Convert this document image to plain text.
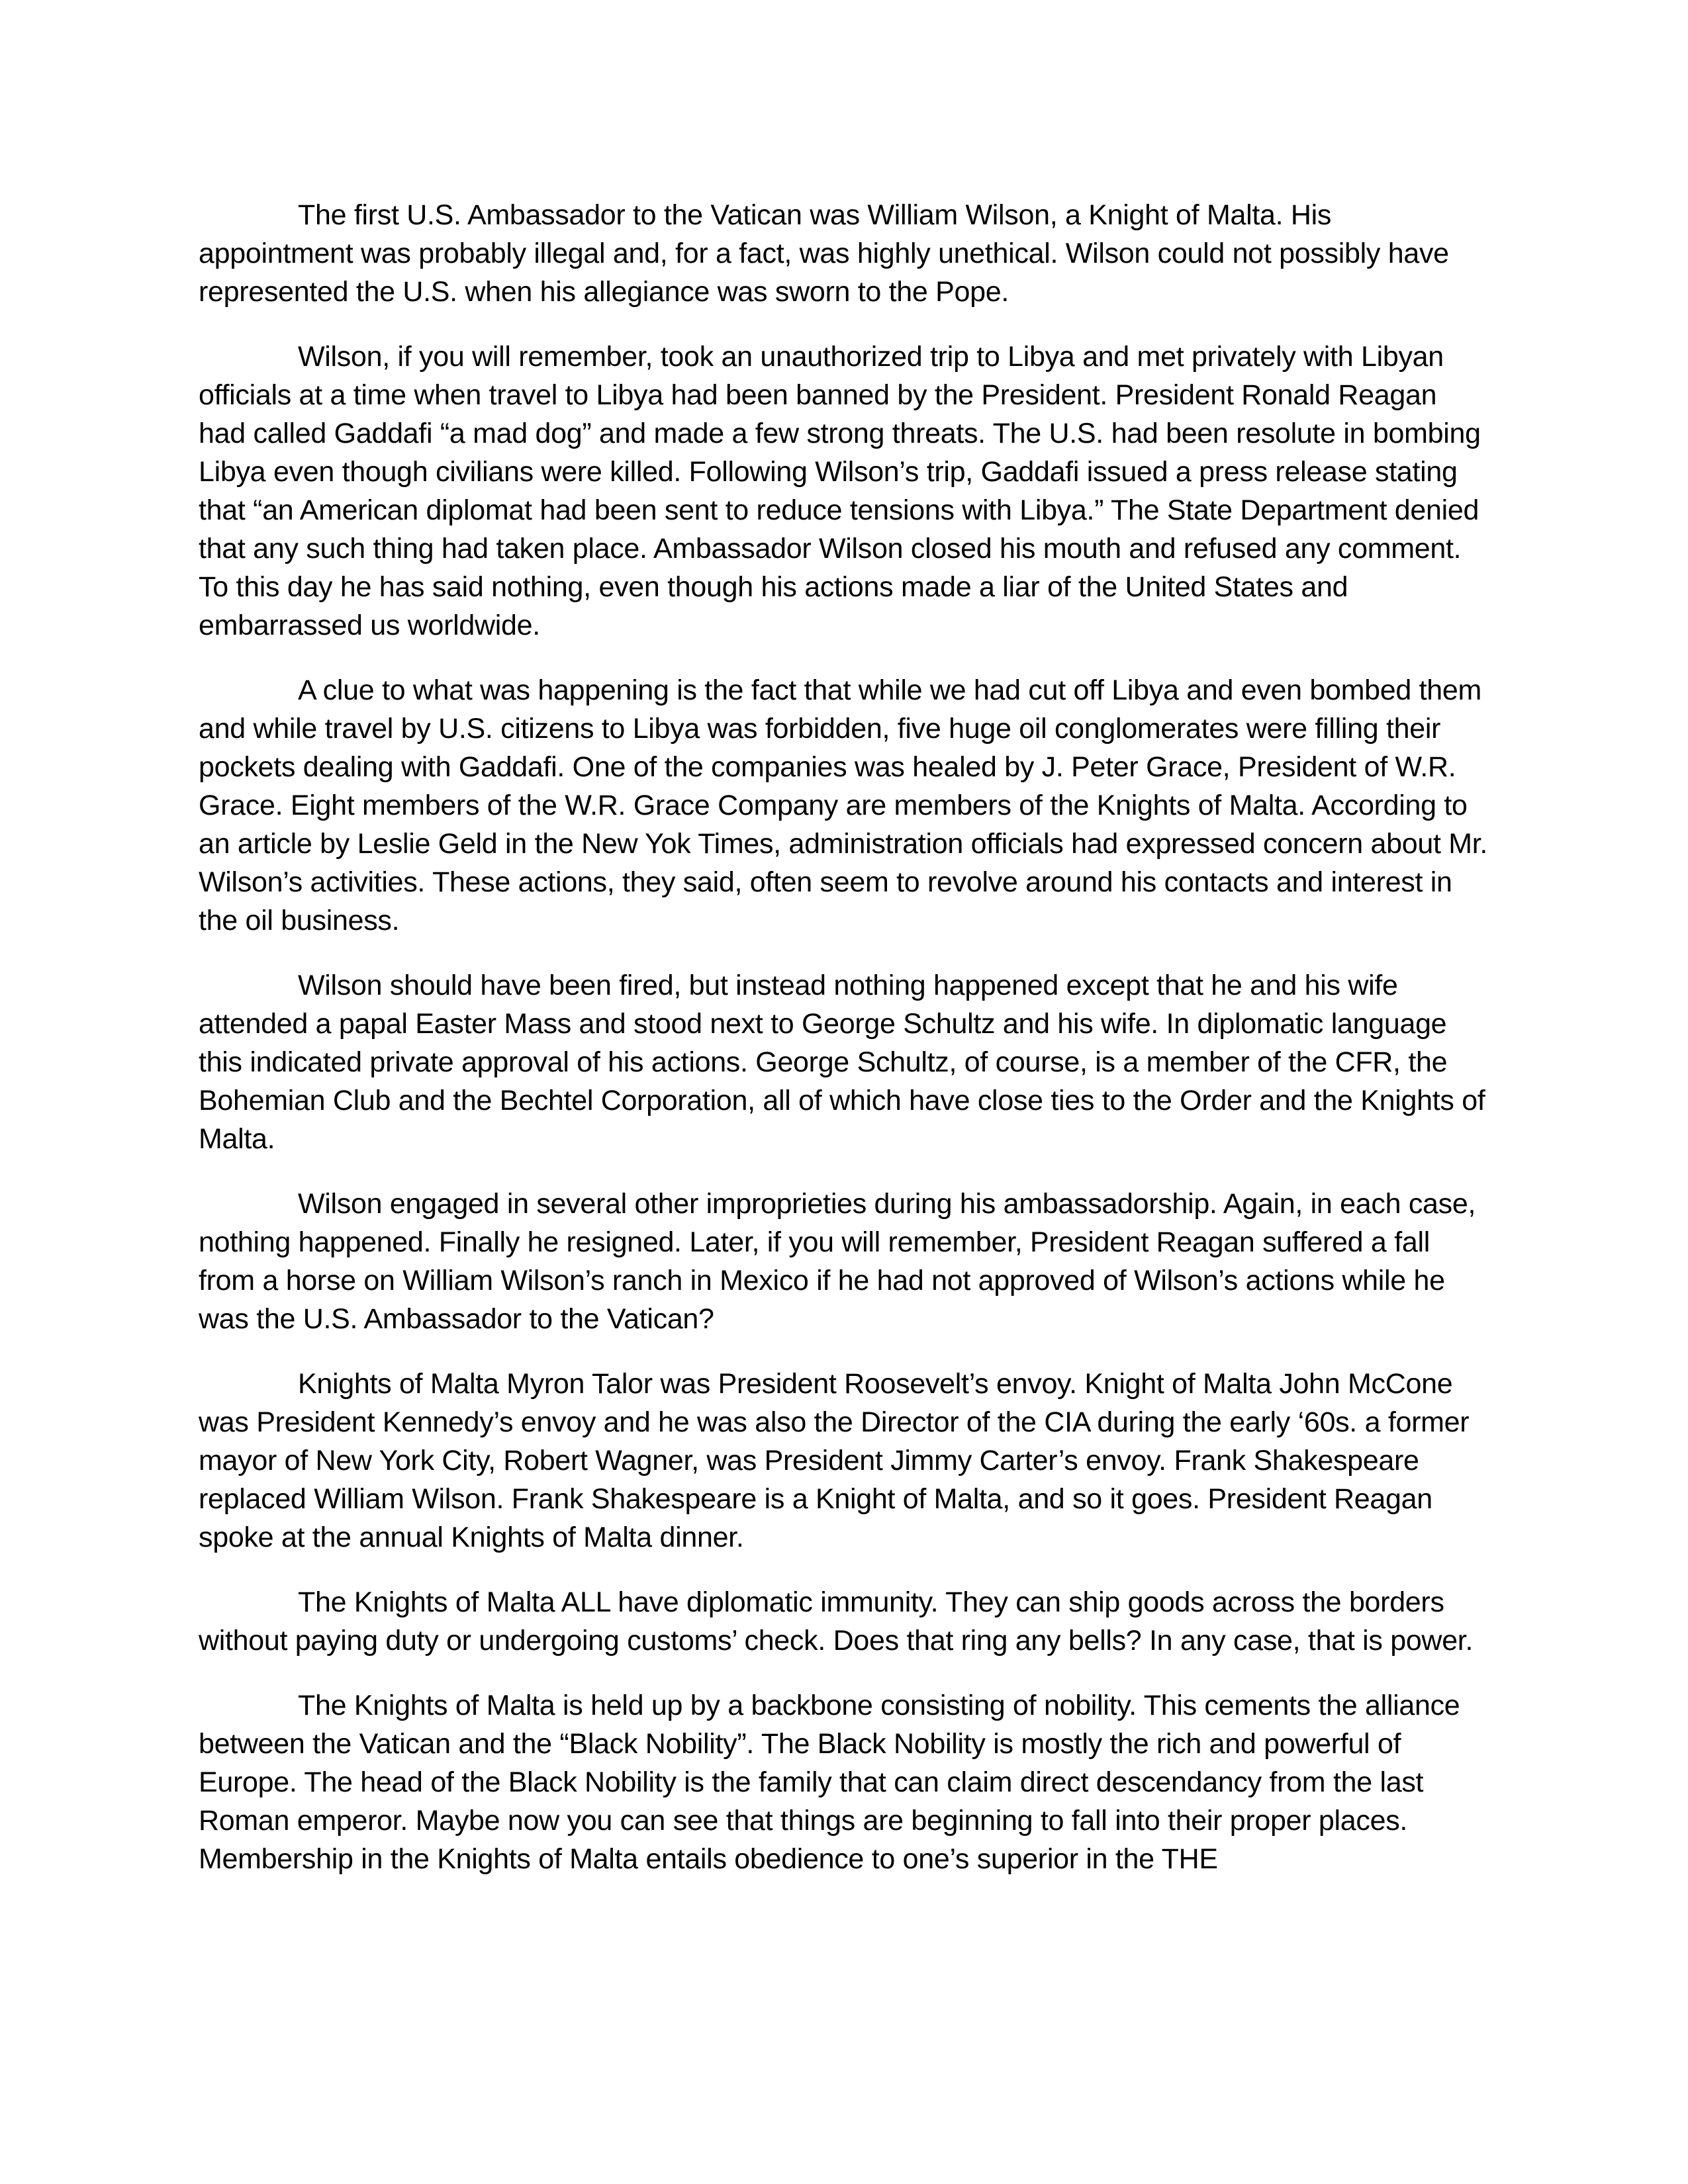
The first U.S. Ambassador to the Vatican was William Wilson, a Knight of Malta. His appointment was probably illegal and, for a fact, was highly unethical. Wilson could not possibly have represented the U.S. when his allegiance was sworn to the Pope.

Wilson, if you will remember, took an unauthorized trip to Libya and met privately with Libyan officials at a time when travel to Libya had been banned by the President. President Ronald Reagan had called Gaddafi “a mad dog” and made a few strong threats. The U.S. had been resolute in bombing Libya even though civilians were killed. Following Wilson’s trip, Gaddafi issued a press release stating that “an American diplomat had been sent to reduce tensions with Libya.” The State Department denied that any such thing had taken place. Ambassador Wilson closed his mouth and refused any comment. To this day he has said nothing, even though his actions made a liar of the United States and embarrassed us worldwide.

A clue to what was happening is the fact that while we had cut off Libya and even bombed them and while travel by U.S. citizens to Libya was forbidden, five huge oil conglomerates were filling their pockets dealing with Gaddafi. One of the companies was healed by J. Peter Grace, President of W.R. Grace. Eight members of the W.R. Grace Company are members of the Knights of Malta. According to an article by Leslie Geld in the New Yok Times, administration officials had expressed concern about Mr. Wilson’s activities. These actions, they said, often seem to revolve around his contacts and interest in the oil business.

Wilson should have been fired, but instead nothing happened except that he and his wife attended a papal Easter Mass and stood next to George Schultz and his wife. In diplomatic language this indicated private approval of his actions. George Schultz, of course, is a member of the CFR, the Bohemian Club and the Bechtel Corporation, all of which have close ties to the Order and the Knights of Malta.

Wilson engaged in several other improprieties during his ambassadorship. Again, in each case, nothing happened. Finally he resigned. Later, if you will remember, President Reagan suffered a fall from a horse on William Wilson’s ranch in Mexico if he had not approved of Wilson’s actions while he was the U.S. Ambassador to the Vatican?

Knights of Malta Myron Talor was President Roosevelt’s envoy. Knight of Malta John McCone was President Kennedy’s envoy and he was also the Director of the CIA during the early ‘60s. a former mayor of New York City, Robert Wagner, was President Jimmy Carter’s envoy. Frank Shakespeare replaced William Wilson. Frank Shakespeare is a Knight of Malta, and so it goes. President Reagan spoke at the annual Knights of Malta dinner.

The Knights of Malta ALL have diplomatic immunity. They can ship goods across the borders without paying duty or undergoing customs’ check. Does that ring any bells? In any case, that is power.

The Knights of Malta is held up by a backbone consisting of nobility. This cements the alliance between the Vatican and the “Black Nobility”. The Black Nobility is mostly the rich and powerful of Europe. The head of the Black Nobility is the family that can claim direct descendancy from the last Roman emperor. Maybe now you can see that things are beginning to fall into their proper places. Membership in the Knights of Malta entails obedience to one’s superior in the THE
